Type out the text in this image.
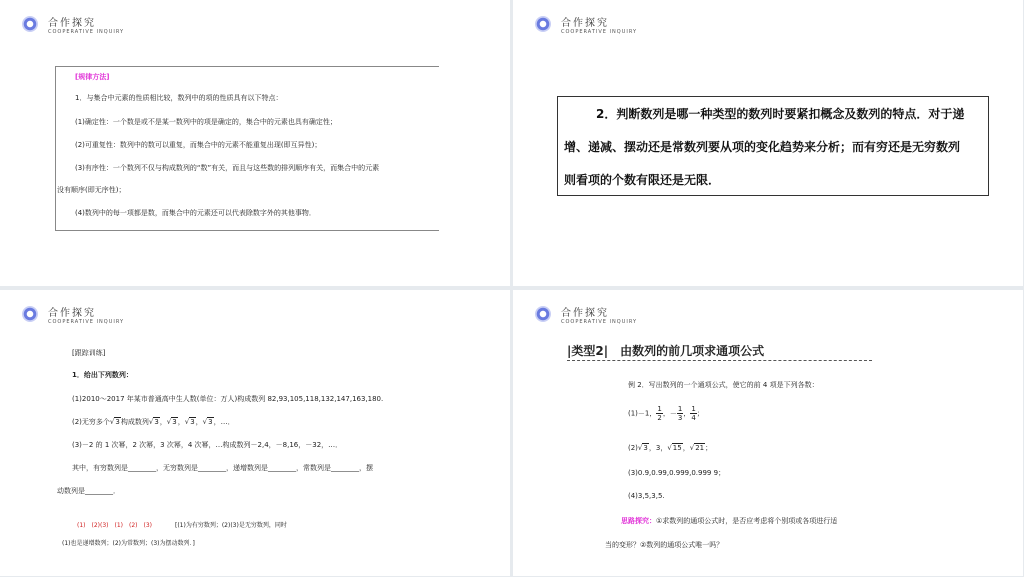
合作探究
COOPERATIVE INQUIRY
[规律方法]
1．与集合中元素的性质相比较，数列中的项的性质具有以下特点：
(1)确定性：一个数是或不是某一数列中的项是确定的，集合中的元素也具有确定性；
(2)可重复性：数列中的数可以重复，而集合中的元素不能重复出现(即互异性)；
(3)有序性：一个数列不仅与构成数列的“数”有关，而且与这些数的排列顺序有关，而集合中的元素
没有顺序(即无序性)；
(4)数列中的每一项都是数，而集合中的元素还可以代表除数字外的其他事物．
合作探究
COOPERATIVE INQUIRY
2．判断数列是哪一种类型的数列时要紧扣概念及数列的特点．对于递
增、递减、摆动还是常数列要从项的变化趋势来分析；而有穷还是无穷数列
则看项的个数有限还是无限．
合作探究
COOPERATIVE INQUIRY
[跟踪训练]
1．给出下列数列：
(1)2010～2017 年某市普通高中生人数(单位：万人)构成数列 82,93,105,118,132,147,163,180.
(2)无穷多个√3构成数列√3，√3，√3，√3，…．
(3)－2 的 1 次幂，2 次幂，3 次幂，4 次幂，…构成数列－2,4，－8,16，－32，…．
其中，有穷数列是________，无穷数列是________，递增数列是________，常数列是________，摆
动数列是________．
(1)　(2)(3)　(1)　(2)　(3)	[(1)为有穷数列；(2)(3)是无穷数列，同时
(1)也是递增数列；(2)为常数列；(3)为摆动数列．]
合作探究
COOPERATIVE INQUIRY
|类型2|　 由数列的前几项求通项公式
例 2．写出数列的一个通项公式，使它的前 4 项是下列各数：
(1)－1， $\frac{1}{2}$ ，－ $\frac{1}{3}$ ， $\frac{1}{4}$ ；
(2)√3，3，√15，√21；
(3)0.9,0.99,0.999,0.999 9；
(4)3,5,3,5.
思路探究：①求数列的通项公式时，是否应考虑将个别项或各项进行适
当的变形？②数列的通项公式唯一吗？
